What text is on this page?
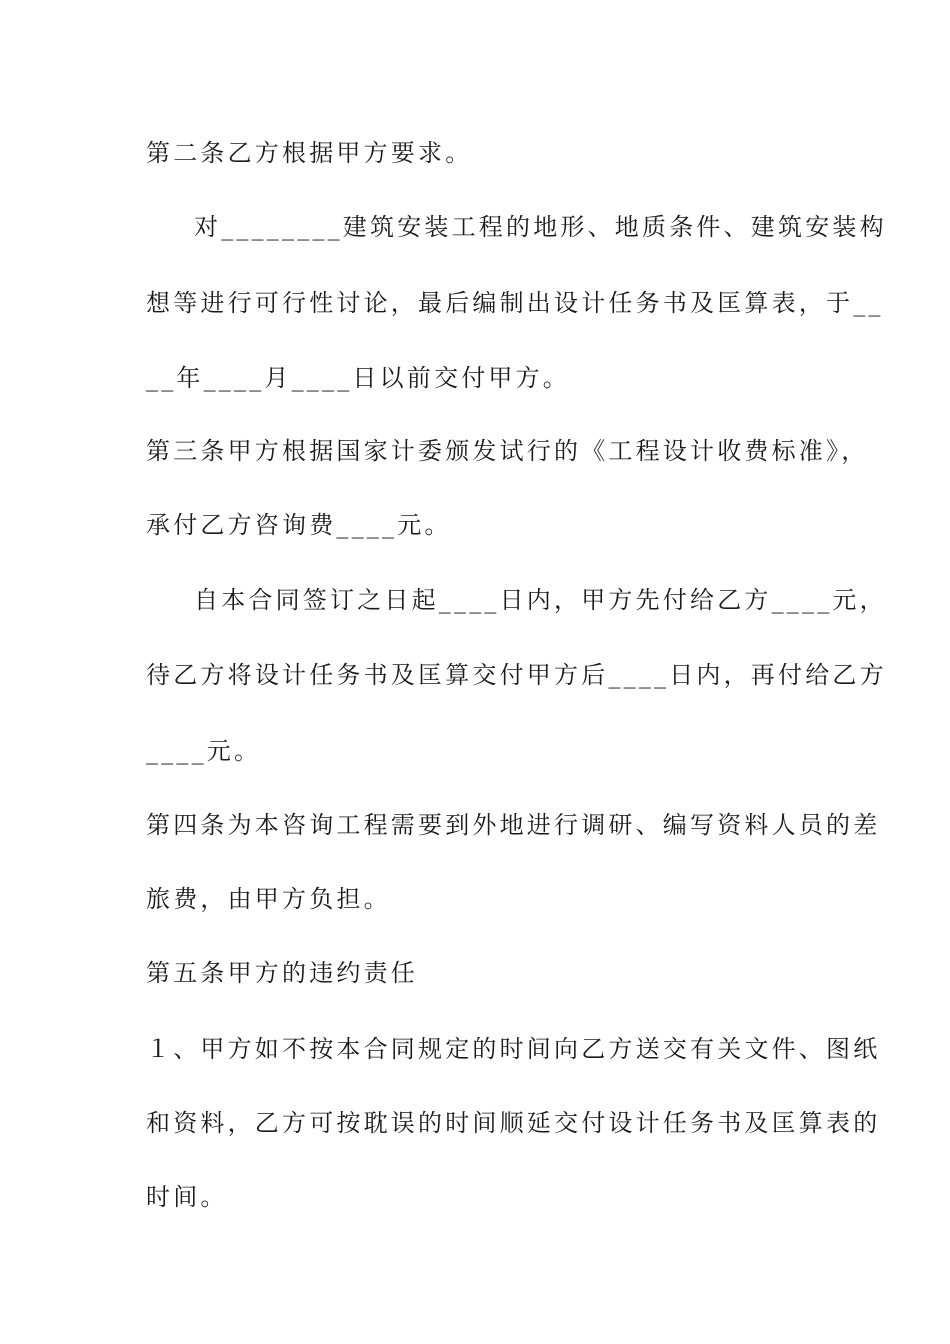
第二条乙方根据甲方要求。
对________建筑安装工程的地形、地质条件、建筑安装构
想等进行可行性讨论，最后编制出设计任务书及匡算表，于__
__年____月____日以前交付甲方。
第三条甲方根据国家计委颁发试行的《工程设计收费标准》，
承付乙方咨询费____元。
自本合同签订之日起____日内，甲方先付给乙方____元，
待乙方将设计任务书及匡算交付甲方后____日内，再付给乙方
____元。
第四条为本咨询工程需要到外地进行调研、编写资料人员的差
旅费，由甲方负担。
第五条甲方的违约责任
１、甲方如不按本合同规定的时间向乙方送交有关文件、图纸
和资料，乙方可按耽误的时间顺延交付设计任务书及匡算表的
时间。
